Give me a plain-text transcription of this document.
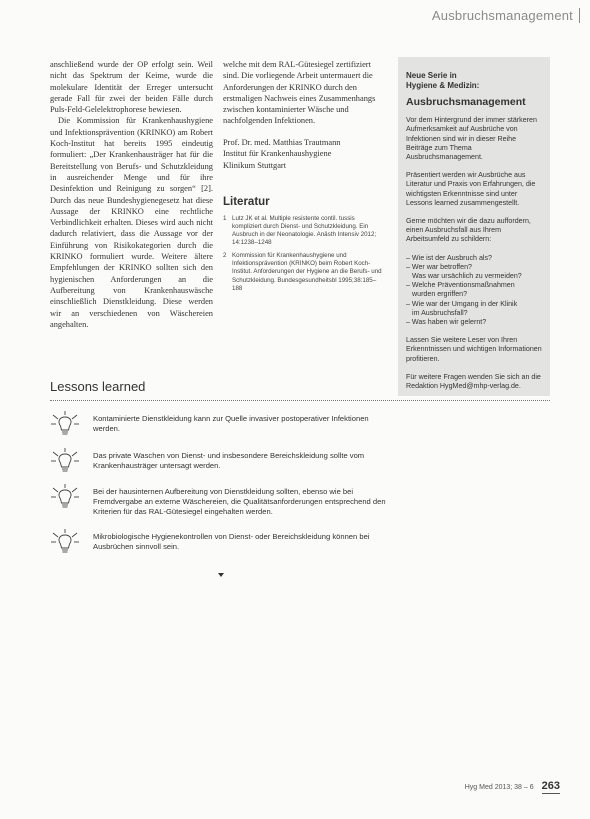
Ausbruchsmanagement

anschließend wurde der OP erfolgt sein. Weil nicht das Spektrum der Keime, wurde die molekulare Identität der Erreger untersucht gerade Fall für zwei der beiden Fälle durch Puls-Feld-Gelelektrophorese bewiesen.

Die Kommission für Krankenhaushygiene und Infektionsprävention (KRINKO) am Robert Koch-Institut hat bereits 1995 eindeutig formuliert: „Der Krankenhausträger hat für die Bereitstellung von Berufs- und Schutzkleidung in ausreichender Menge und für ihre Desinfektion und Reinigung zu sorgen“ [2]. Durch das neue Bundeshygienegesetz hat diese Aussage der KRINKO eine rechtliche Verbindlichkeit erhalten. Dieses wird auch nicht dadurch relativiert, dass die Aussage vor der Einführung von Risikokategorien durch die KRINKO formuliert wurde. Weitere ältere Empfehlungen der KRINKO sollten sich den hygienischen Anforderungen an die Aufbereitung von Krankenhauswäsche einschließlich Dienstkleidung. Diese werden wir an verschiedenen von Wäschereien angehalten.

welche mit dem RAL-Gütesiegel zertifiziert sind. Die vorliegende Arbeit untermauert die Anforderungen der KRINKO durch den erstmaligen Nachweis eines Zusammenhangs zwischen kontaminierter Wäsche und nachfolgenden Infektionen.

Prof. Dr. med. Matthias Trautmann
Institut für Krankenhaushygiene
Klinikum Stuttgart
Literatur
1 Lutz JK et al. Multiple resistente contil. tussis kompliziert durch Dienst- und Schutzkleidung. Ein Ausbruch in der Neonatologie. Anästh Intensiv 2012; 14:1238–1248
2 Kommission für Krankenhaushygiene und Infektionsprävention (KRINKO) beim Robert Koch-Institut. Anforderungen der Hygiene an die Berufs- und Schutzkleidung. Bundesgesundheitsbl 1995;38:185–188
Neue Serie in
Hygiene & Medizin:
Ausbruchsmanagement

Vor dem Hintergrund der immer stärkeren Aufmerksamkeit auf Ausbrüche von Infektionen sind wir in dieser Reihe Beiträge zum Thema Ausbruchsmanagement.

Präsentiert werden wir Ausbrüche aus Literatur und Praxis von Erfahrungen, die wichtigsten Erkenntnisse sind unter Lessons learned zusammengestellt.

Gerne möchten wir die dazu auffordern, einen Ausbruchsfall aus Ihrem Arbeitsumfeld zu schildern:

– Wie ist der Ausbruch als?
– Wer war betroffen?
Was war ursächlich zu vermeiden?
– Welche Präventionsmaßnahmen
wurden ergriffen?
– Wie war der Umgang in der Klinik
im Ausbruchsfall?
– Was haben wir gelernt?

Lassen Sie weitere Leser von Ihren Erkenntnissen und wichtigen Informationen profitieren.

Für weitere Fragen wenden Sie sich an die Redaktion HygMed@mhp-verlag.de.

Lessons learned
Kontaminierte Dienstkleidung kann zur Quelle invasiver postoperativer Infektionen werden.
Das private Waschen von Dienst- und insbesondere Bereichskleidung sollte vom Krankenhausträger untersagt werden.
Bei der hausinternen Aufbereitung von Dienstkleidung sollten, ebenso wie bei Fremdvergabe an externe Wäschereien, die Qualitätsanforderungen entsprechend den Kriterien für das RAL-Gütesiegel eingehalten werden.
Mikrobiologische Hygienekontrollen von Dienst- oder Bereichskleidung können bei Ausbrüchen sinnvoll sein.
Hyg Med 2013; 38 – 6 263
